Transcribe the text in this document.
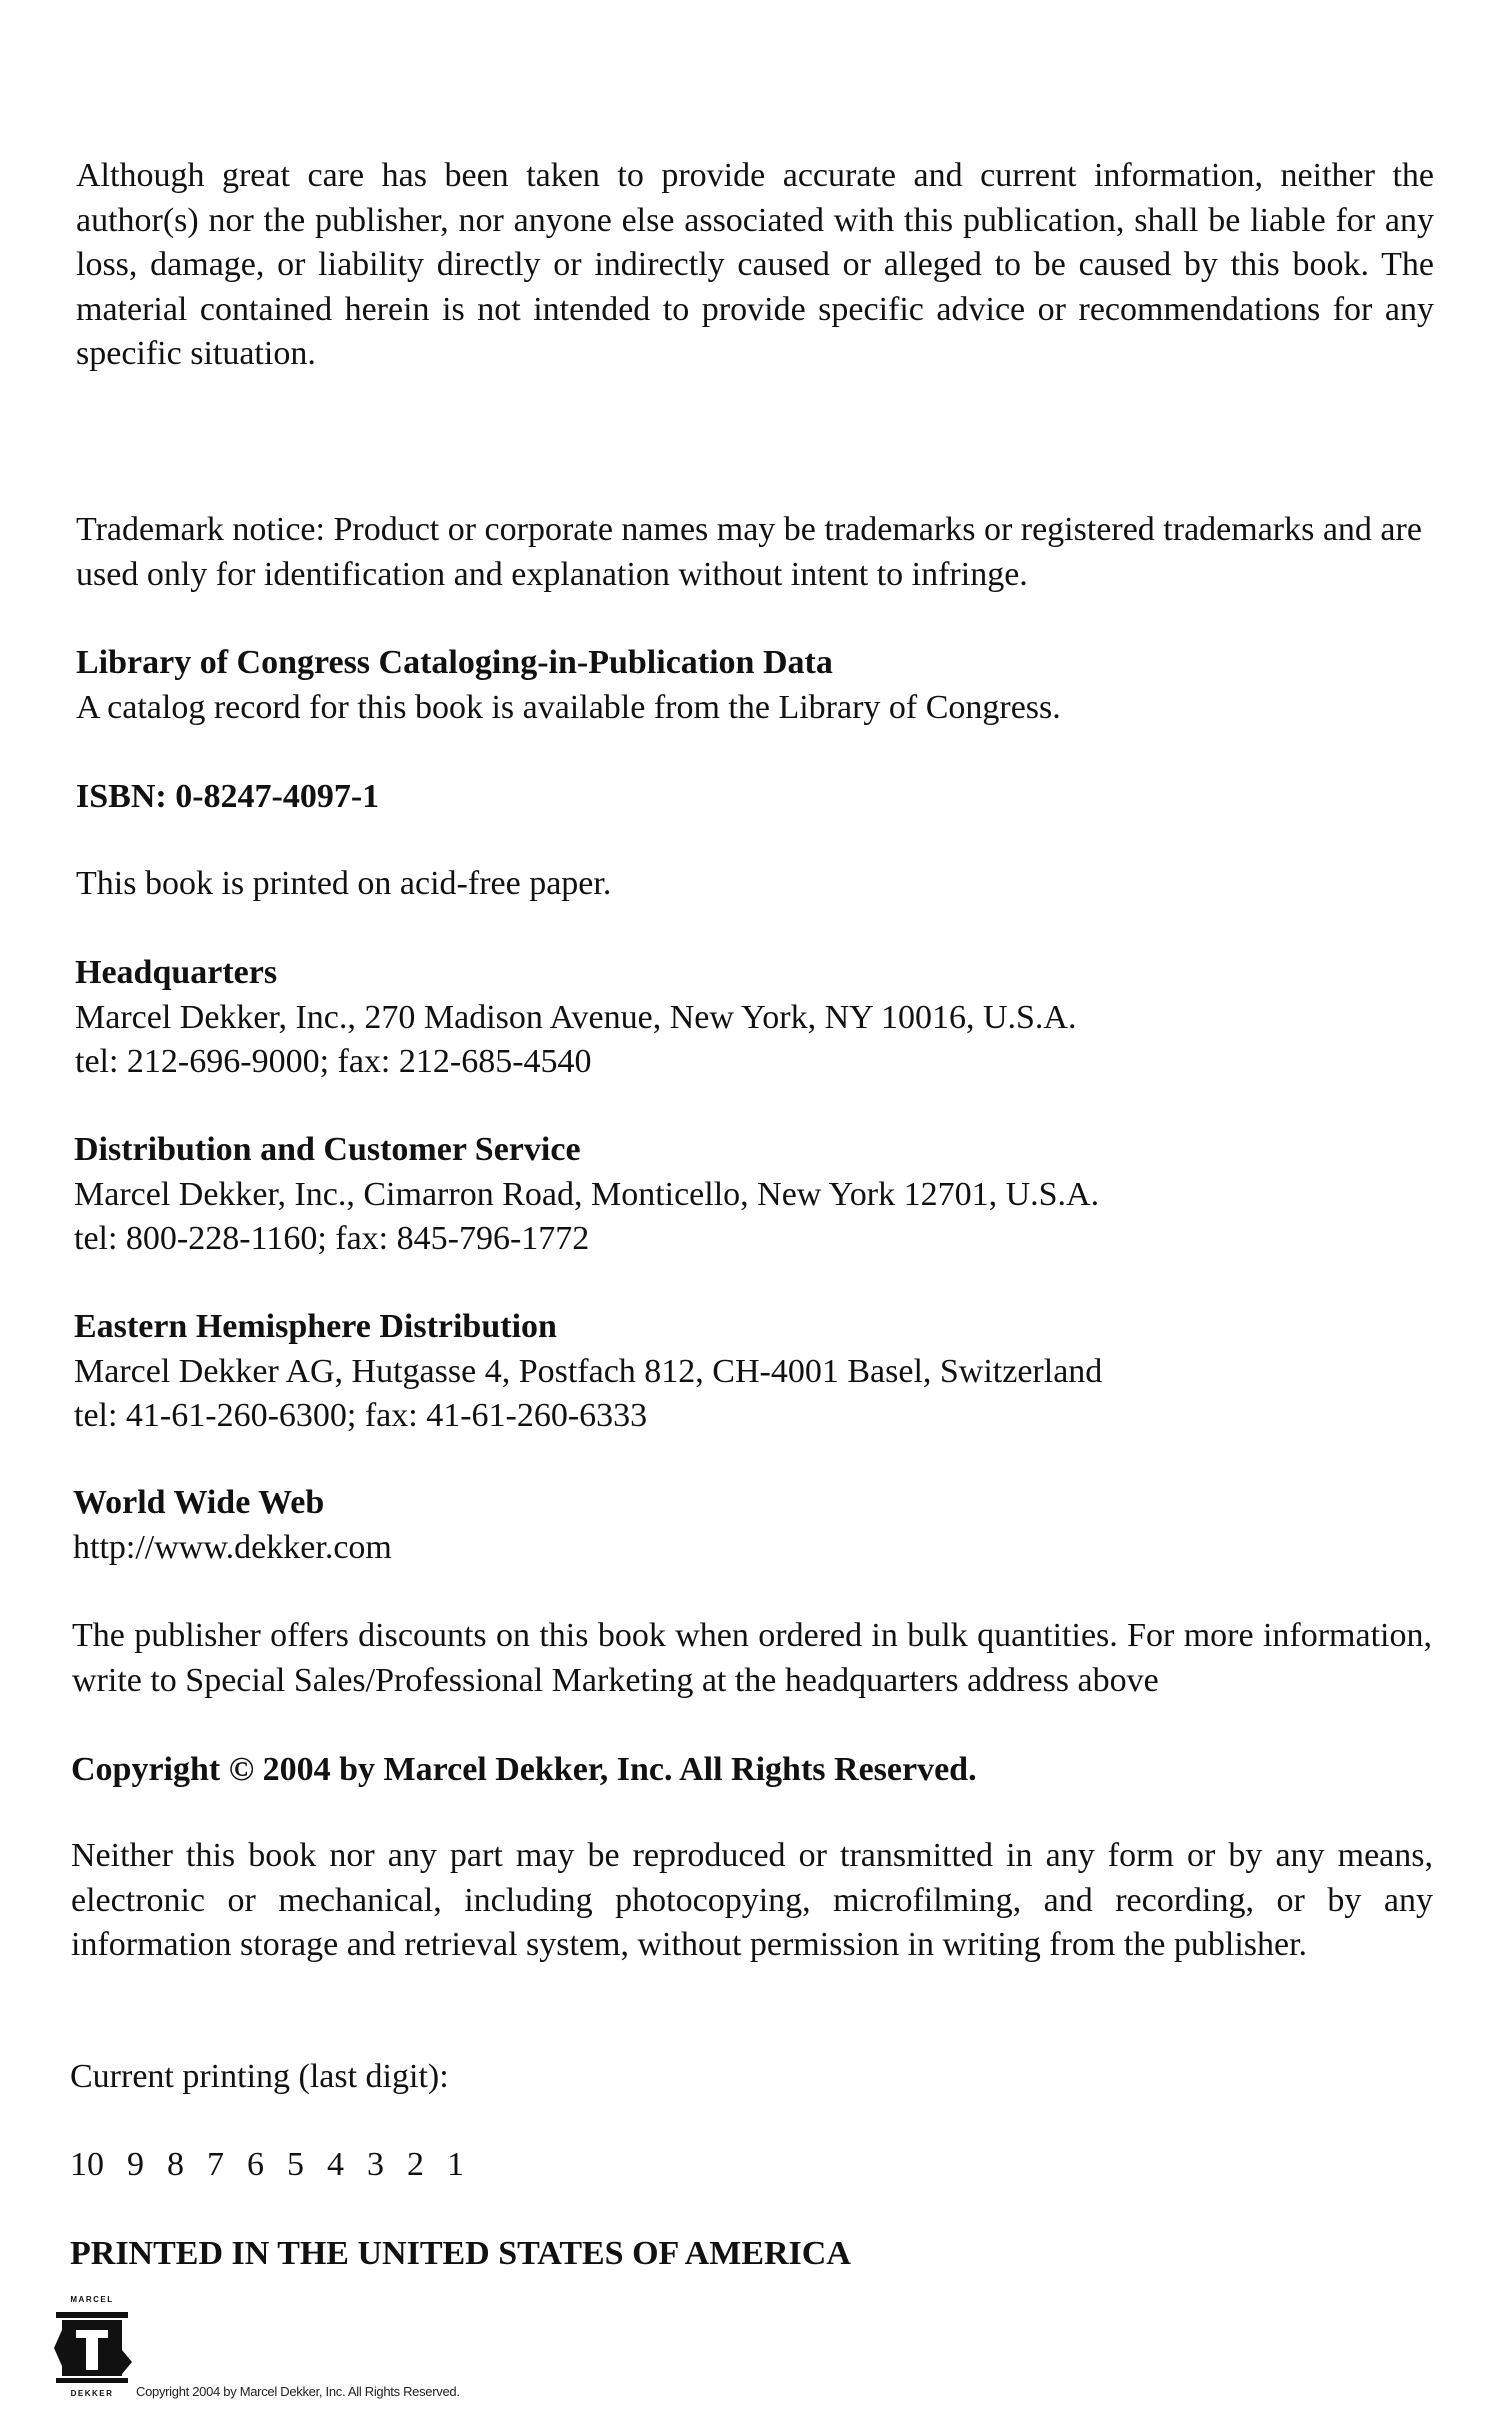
Although great care has been taken to provide accurate and current information, neither the author(s) nor the publisher, nor anyone else associated with this publication, shall be liable for any loss, damage, or liability directly or indirectly caused or alleged to be caused by this book. The material contained herein is not intended to provide specific advice or recommendations for any specific situation.

Trademark notice: Product or corporate names may be trademarks or registered trademarks and are used only for identification and explanation without intent to infringe.

Library of Congress Cataloging-in-Publication Data
A catalog record for this book is available from the Library of Congress.
ISBN: 0-8247-4097-1
This book is printed on acid-free paper.
Headquarters
Marcel Dekker, Inc., 270 Madison Avenue, New York, NY 10016, U.S.A.
tel: 212-696-9000; fax: 212-685-4540
Distribution and Customer Service
Marcel Dekker, Inc., Cimarron Road, Monticello, New York 12701, U.S.A.
tel: 800-228-1160; fax: 845-796-1772
Eastern Hemisphere Distribution
Marcel Dekker AG, Hutgasse 4, Postfach 812, CH-4001 Basel, Switzerland
tel: 41-61-260-6300; fax: 41-61-260-6333
World Wide Web
http://www.dekker.com

The publisher offers discounts on this book when ordered in bulk quantities. For more information, write to Special Sales/Professional Marketing at the headquarters address above

Copyright © 2004 by Marcel Dekker, Inc. All Rights Reserved.

Neither this book nor any part may be reproduced or transmitted in any form or by any means, electronic or mechanical, including photocopying, microfilming, and recording, or by any information storage and retrieval system, without permission in writing from the publisher.

Current printing (last digit):
10 9 8 7 6 5 4 3 2 1
PRINTED IN THE UNITED STATES OF AMERICA
MARCEL
DEKKER Copyright 2004 by Marcel Dekker, Inc. All Rights Reserved.
